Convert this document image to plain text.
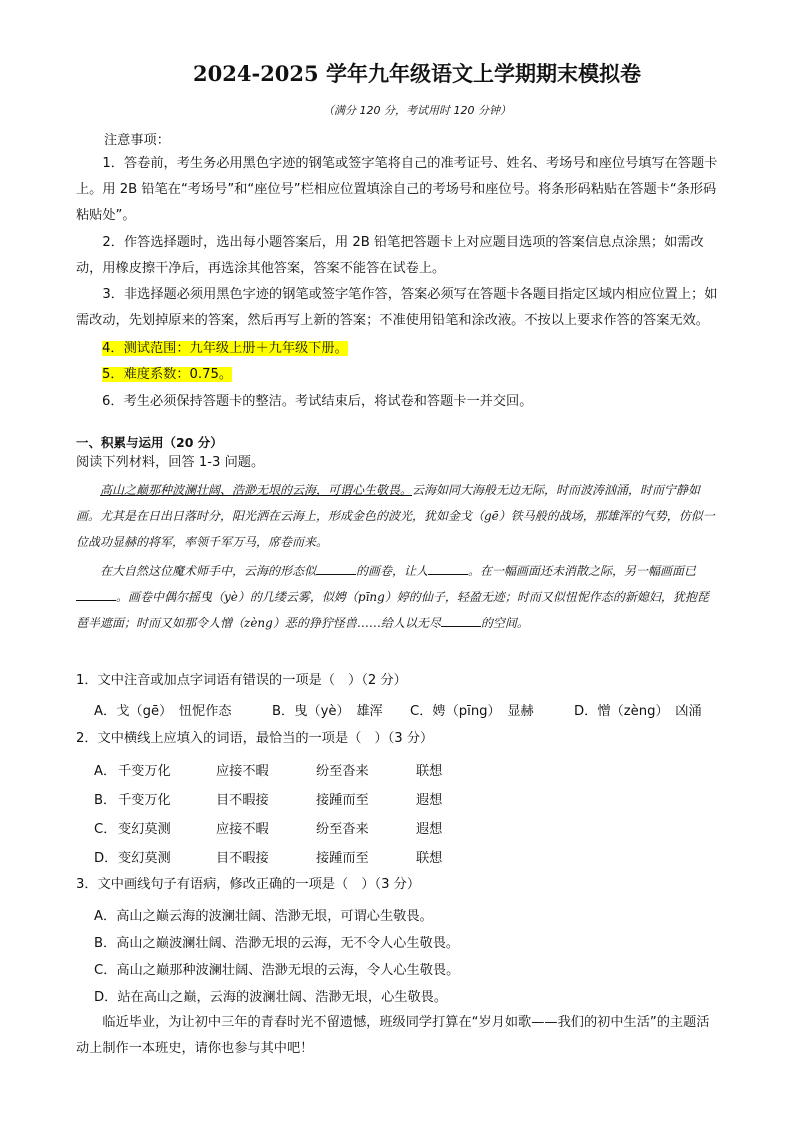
2024-2025 学年九年级语文上学期期末模拟卷
（满分 120 分，考试用时 120 分钟）
注意事项：
1．答卷前，考生务必用黑色字迹的钢笔或签字笔将自己的准考证号、姓名、考场号和座位号填写在答题卡上。用 2B 铅笔在“考场号”和“座位号”栏相应位置填涂自己的考场号和座位号。将条形码粘贴在答题卡“条形码粘贴处”。
2．作答选择题时，选出每小题答案后，用 2B 铅笔把答题卡上对应题目选项的答案信息点涂黑；如需改动，用橡皮擦干净后，再选涂其他答案，答案不能答在试卷上。
3．非选择题必须用黑色字迹的钢笔或签字笔作答，答案必须写在答题卡各题目指定区域内相应位置上；如需改动，先划掉原来的答案，然后再写上新的答案；不准使用铅笔和涂改液。不按以上要求作答的答案无效。
4．测试范围：九年级上册＋九年级下册。
5．难度系数：0.75。
6．考生必须保持答题卡的整洁。考试结束后，将试卷和答题卡一并交回。
一、积累与运用（20 分）
阅读下列材料，回答 1-3 问题。
高山之巅那种波澜壮阔、浩渺无垠的云海，可谓心生敬畏。云海如同大海般无边无际，时而波涛汹涌，时而宁静如画。尤其是在日出日落时分，阳光洒在云海上，形成金色的波光，犹如金戈（gē）铁马般的战场，那雄浑的气势，仿似一位战功显赫的将军，率领千军万马，席卷而来。
在大自然这位魔术师手中，云海的形态似	的画卷，让人	。在一幅画面还未消散之际，另一幅画面已。画卷中偶尔摇曳（yè）的几缕云雾，似娉（pīng）婷的仙子，轻盈无迹；时而又似忸怩作态的新媳妇，犹抱琵琶半遮面；时而又如那令人憎（zèng）恶的狰狞怪兽……给人以无尽	的空间。
1．文中注音或加点字词语有错误的一项是（　）（2 分）
A．戈（gē）　忸怩作态	B．曳（yè）　雄浑 C．娉（pīng）　显赫	D．憎（zèng）　凶涌
2．文中横线上应填入的词语，最恰当的一项是（　）（3 分）
A． 千变万化	应接不暇	纷至沓来	联想
B． 千变万化	目不暇接	接踵而至	遐想
C． 变幻莫测	应接不暇	纷至沓来	遐想
D． 变幻莫测	目不暇接	接踵而至	联想
3．文中画线句子有语病，修改正确的一项是（　）（3 分）
A．高山之巅云海的波澜壮阔、浩渺无垠，可谓心生敬畏。
B．高山之巅波澜壮阔、浩渺无垠的云海，无不令人心生敬畏。
C．高山之巅那种波澜壮阔、浩渺无垠的云海，令人心生敬畏。
D．站在高山之巅，云海的波澜壮阔、浩渺无垠，心生敬畏。
临近毕业，为让初中三年的青春时光不留遗憾，班级同学打算在“岁月如歌——我们的初中生活”的主题活动上制作一本班史，请你也参与其中吧！
